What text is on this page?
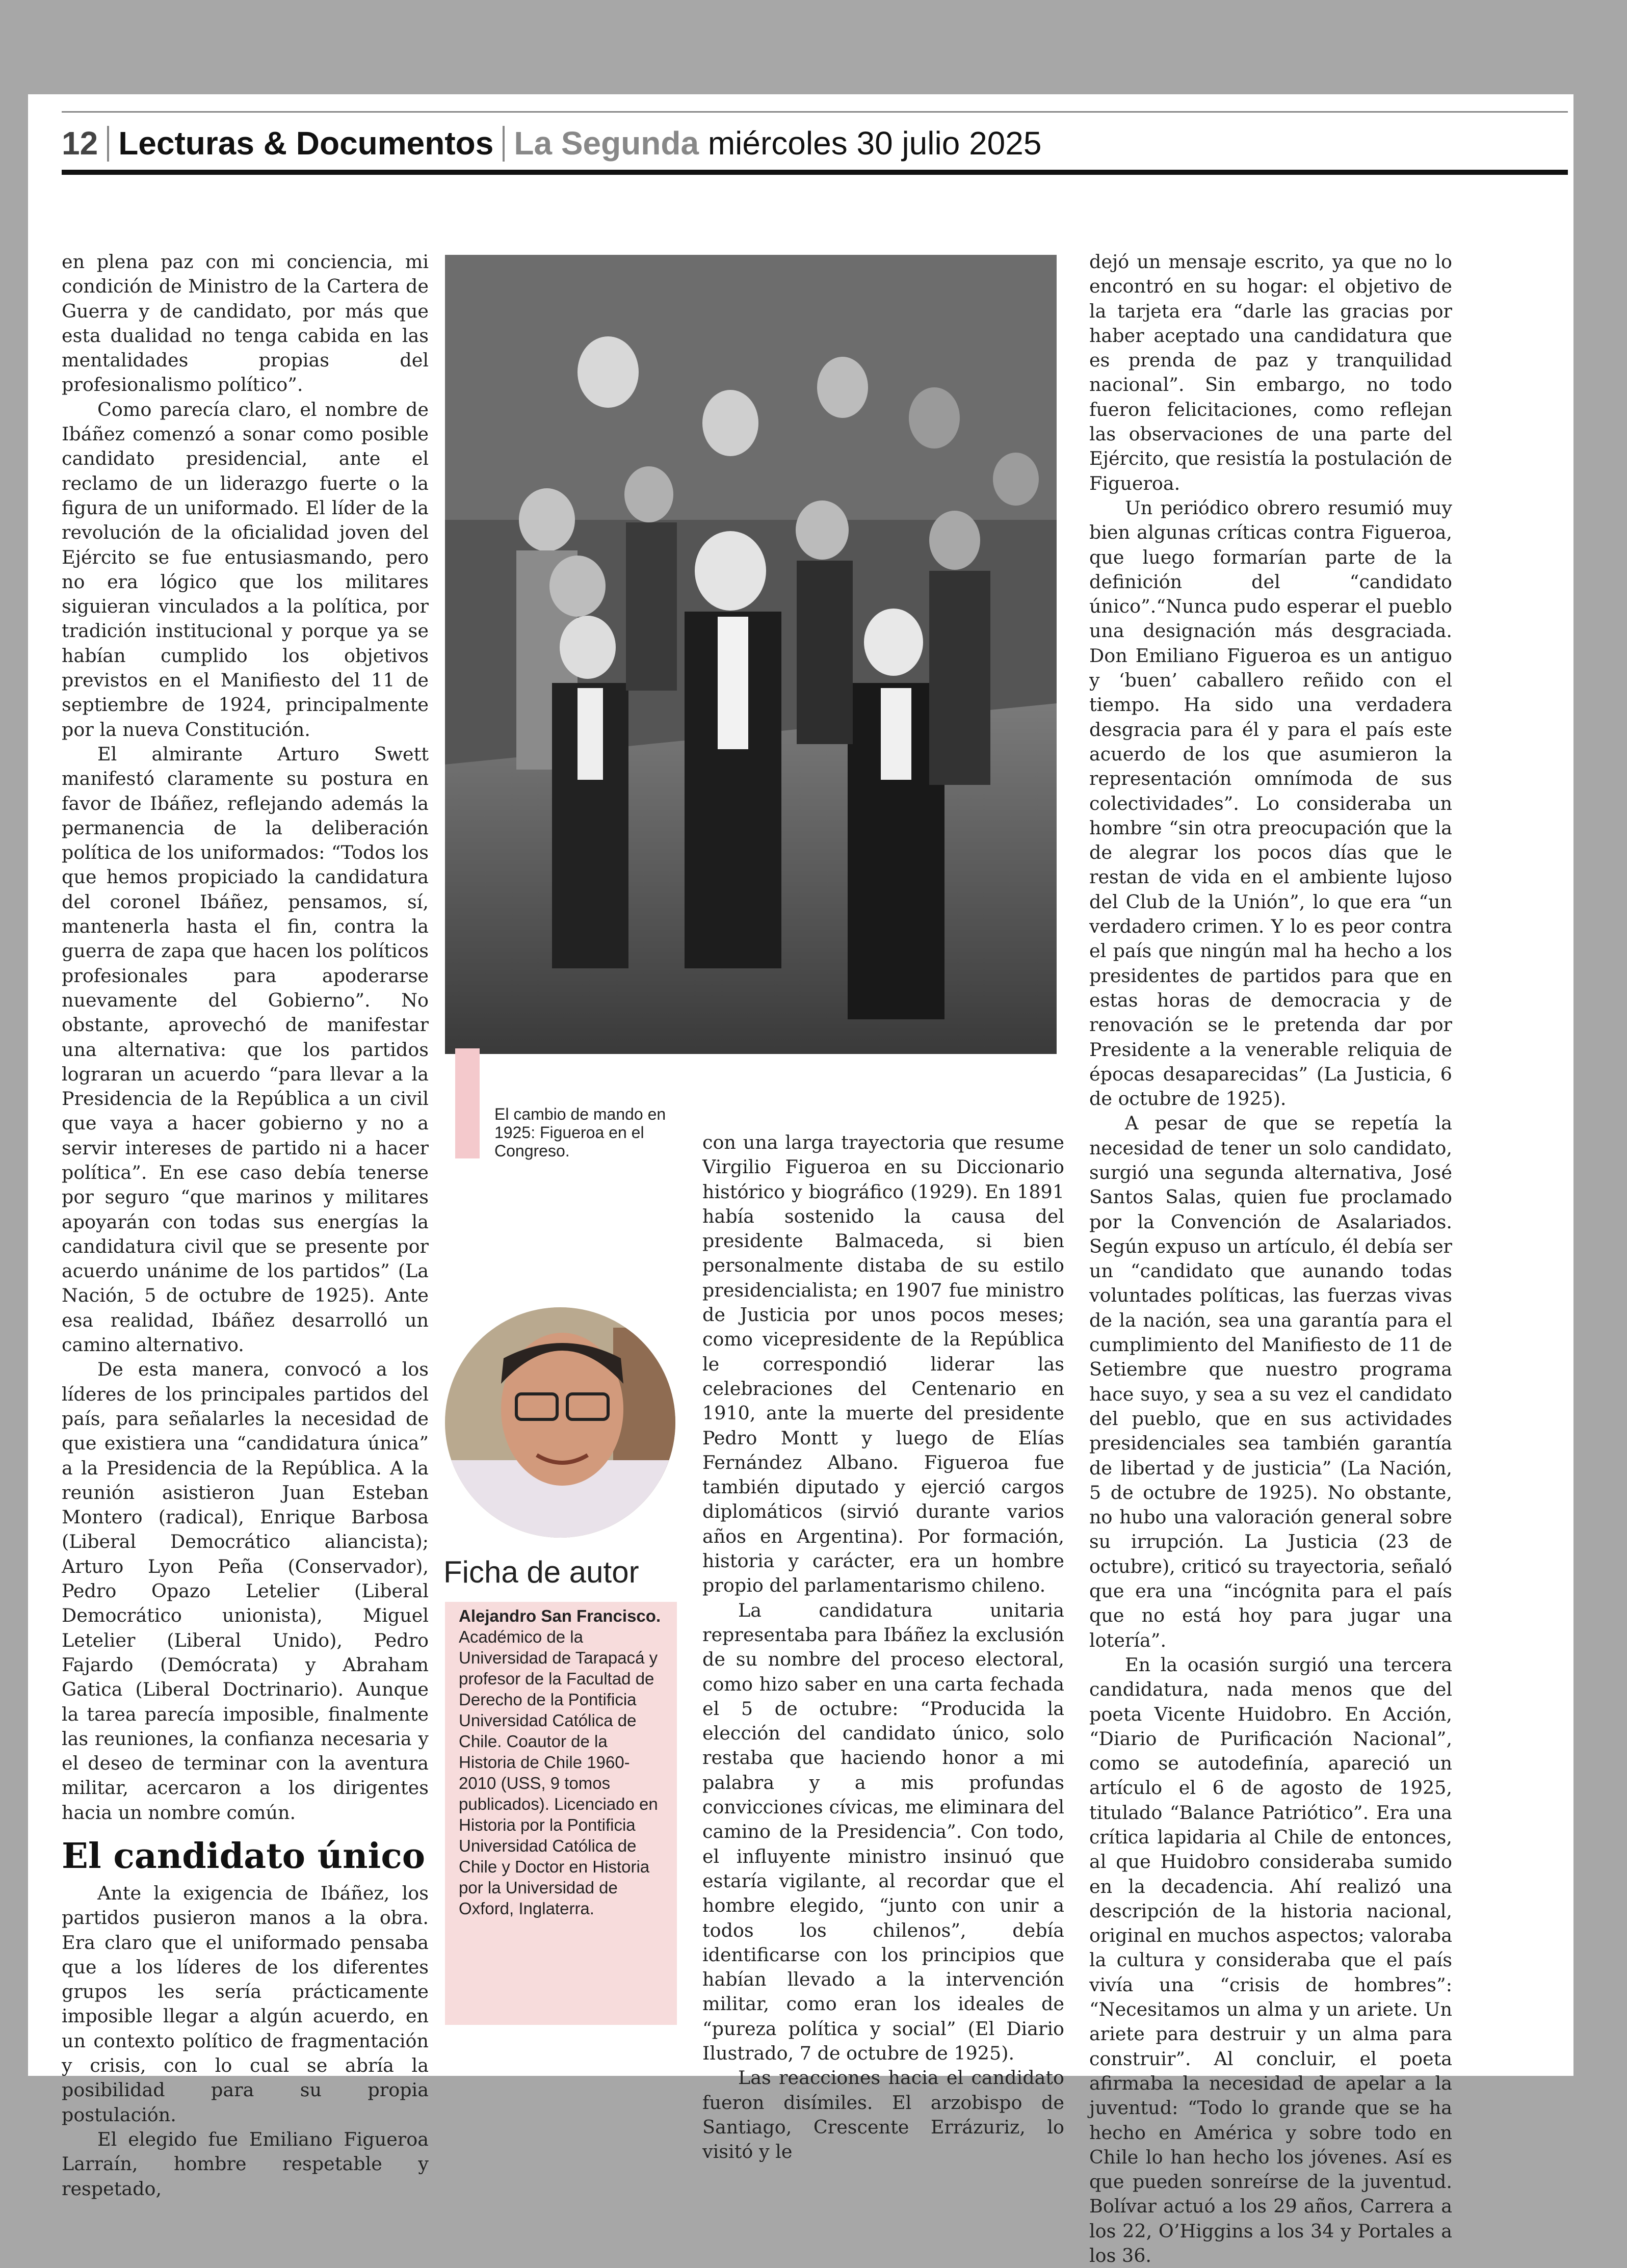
12 Lecturas & Documentos La Segunda miércoles 30 julio 2025

en plena paz con mi conciencia, mi condición de Ministro de la Cartera de Guerra y de candidato, por más que esta dualidad no tenga cabida en las mentalidades propias del profesionalismo político”.

Como parecía claro, el nombre de Ibáñez comenzó a sonar como posible candidato presidencial, ante el reclamo de un liderazgo fuerte o la figura de un uniformado. El líder de la revolución de la oficialidad joven del Ejército se fue entusiasmando, pero no era lógico que los militares siguieran vinculados a la política, por tradición institucional y porque ya se habían cumplido los objetivos previstos en el Manifiesto del 11 de septiembre de 1924, principalmente por la nueva Constitución.

El almirante Arturo Swett manifestó claramente su postura en favor de Ibáñez, reflejando además la permanencia de la deliberación política de los uniformados: “Todos los que hemos propiciado la candidatura del coronel Ibáñez, pensamos, sí, mantenerla hasta el fin, contra la guerra de zapa que hacen los políticos profesionales para apoderarse nuevamente del Gobierno”. No obstante, aprovechó de manifestar una alternativa: que los partidos lograran un acuerdo “para llevar a la Presidencia de la República a un civil que vaya a hacer gobierno y no a servir intereses de partido ni a hacer política”. En ese caso debía tenerse por seguro “que marinos y militares apoyarán con todas sus energías la candidatura civil que se presente por acuerdo unánime de los partidos” (La Nación, 5 de octubre de 1925). Ante esa realidad, Ibáñez desarrolló un camino alternativo.

De esta manera, convocó a los líderes de los principales partidos del país, para señalarles la necesidad de que existiera una “candidatura única” a la Presidencia de la República. A la reunión asistieron Juan Esteban Montero (radical), Enrique Barbosa (Liberal Democrático aliancista); Arturo Lyon Peña (Conservador), Pedro Opazo Letelier (Liberal Democrático unionista), Miguel Letelier (Liberal Unido), Pedro Fajardo (Demócrata) y Abraham Gatica (Liberal Doctrinario). Aunque la tarea parecía imposible, finalmente las reuniones, la confianza necesaria y el deseo de terminar con la aventura militar, acercaron a los dirigentes hacia un nombre común.

El candidato único

Ante la exigencia de Ibáñez, los partidos pusieron manos a la obra. Era claro que el uniformado pensaba que a los líderes de los diferentes grupos les sería prácticamente imposible llegar a algún acuerdo, en un contexto político de fragmentación y crisis, con lo cual se abría la posibilidad para su propia postulación.

El elegido fue Emiliano Figueroa Larraín, hombre respetable y respetado,

El cambio de mando en 1925: Figueroa en el Congreso.	con una larga trayectoria que resume Virgilio Figueroa en su Diccionario histórico y biográfico (1929). En 1891 había sostenido la causa del presidente Balmaceda, si bien personalmente distaba de su estilo presidencialista; en 1907 fue ministro de Justicia por unos pocos meses; como vicepresidente de la República le correspondió liderar las celebraciones del Centenario en 1910, ante la muerte del presidente Pedro Montt y luego de Elías Fernández Albano. Figueroa fue también diputado y ejerció cargos diplomáticos (sirvió durante varios años en Argentina). Por formación, historia y carácter, era un hombre propio del parlamentarismo chileno.

La candidatura unitaria representaba para Ibáñez la exclusión de su nombre del proceso electoral, como hizo saber en una carta fechada el 5 de octubre: “Producida la elección del candidato único, solo restaba que haciendo honor a mi palabra y a mis profundas convicciones cívicas, me eliminara del camino de la Presidencia”. Con todo, el influyente ministro insinuó que estaría vigilante, al recordar que el hombre elegido, “junto con unir a todos los chilenos”, debía identificarse con los principios que habían llevado a la intervención militar, como eran los ideales de “pureza política y social” (El Diario Ilustrado, 7 de octubre de 1925).

Las reacciones hacia el candidato fueron disímiles. El arzobispo de Santiago, Crescente Errázuriz, lo visitó y le

Ficha de autor
Alejandro San Francisco.
Académico de la Universidad de Tarapacá y profesor de la Facultad de Derecho de la Pontificia Universidad Católica de Chile. Coautor de la Historia de Chile 1960-2010 (USS, 9 tomos publicados). Licenciado en Historia por la Pontificia Universidad Católica de Chile y Doctor en Historia por la Universidad de Oxford, Inglaterra.

dejó un mensaje escrito, ya que no lo encontró en su hogar: el objetivo de la tarjeta era “darle las gracias por haber aceptado una candidatura que es prenda de paz y tranquilidad nacional”. Sin embargo, no todo fueron felicitaciones, como reflejan las observaciones de una parte del Ejército, que resistía la postulación de Figueroa.

Un periódico obrero resumió muy bien algunas críticas contra Figueroa, que luego formarían parte de la definición del “candidato único”.“Nunca pudo esperar el pueblo una designación más desgraciada. Don Emiliano Figueroa es un antiguo y ‘buen’ caballero reñido con el tiempo. Ha sido una verdadera desgracia para él y para el país este acuerdo de los que asumieron la representación omnímoda de sus colectividades”. Lo consideraba un hombre “sin otra preocupación que la de alegrar los pocos días que le restan de vida en el ambiente lujoso del Club de la Unión”, lo que era “un verdadero crimen. Y lo es peor contra el país que ningún mal ha hecho a los presidentes de partidos para que en estas horas de democracia y de renovación se le pretenda dar por Presidente a la venerable reliquia de épocas desaparecidas” (La Justicia, 6 de octubre de 1925).

A pesar de que se repetía la necesidad de tener un solo candidato, surgió una segunda alternativa, José Santos Salas, quien fue proclamado por la Convención de Asalariados. Según expuso un artículo, él debía ser un “candidato que aunando todas voluntades políticas, las fuerzas vivas de la nación, sea una garantía para el cumplimiento del Manifiesto de 11 de Setiembre que nuestro programa hace suyo, y sea a su vez el candidato del pueblo, que en sus actividades presidenciales sea también garantía de libertad y de justicia” (La Nación, 5 de octubre de 1925). No obstante, no hubo una valoración general sobre su irrupción. La Justicia (23 de octubre), criticó su trayectoria, señaló que era una “incógnita para el país que no está hoy para jugar una lotería”.

En la ocasión surgió una tercera candidatura, nada menos que del poeta Vicente Huidobro. En Acción, “Diario de Purificación Nacional”, como se autodefinía, apareció un artículo el 6 de agosto de 1925, titulado “Balance Patriótico”. Era una crítica lapidaria al Chile de entonces, al que Huidobro consideraba sumido en la decadencia. Ahí realizó una descripción de la historia nacional, original en muchos aspectos; valoraba la cultura y consideraba que el país vivía una “crisis de hombres”: “Necesitamos un alma y un ariete. Un ariete para destruir y un alma para construir”. Al concluir, el poeta afirmaba la necesidad de apelar a la juventud: “Todo lo grande que se ha hecho en América y sobre todo en Chile lo han hecho los jóvenes. Así es que pueden sonreírse de la juventud. Bolívar actuó a los 29 años, Carrera a los 22, O’Higgins a los 34 y Portales a los 36.
